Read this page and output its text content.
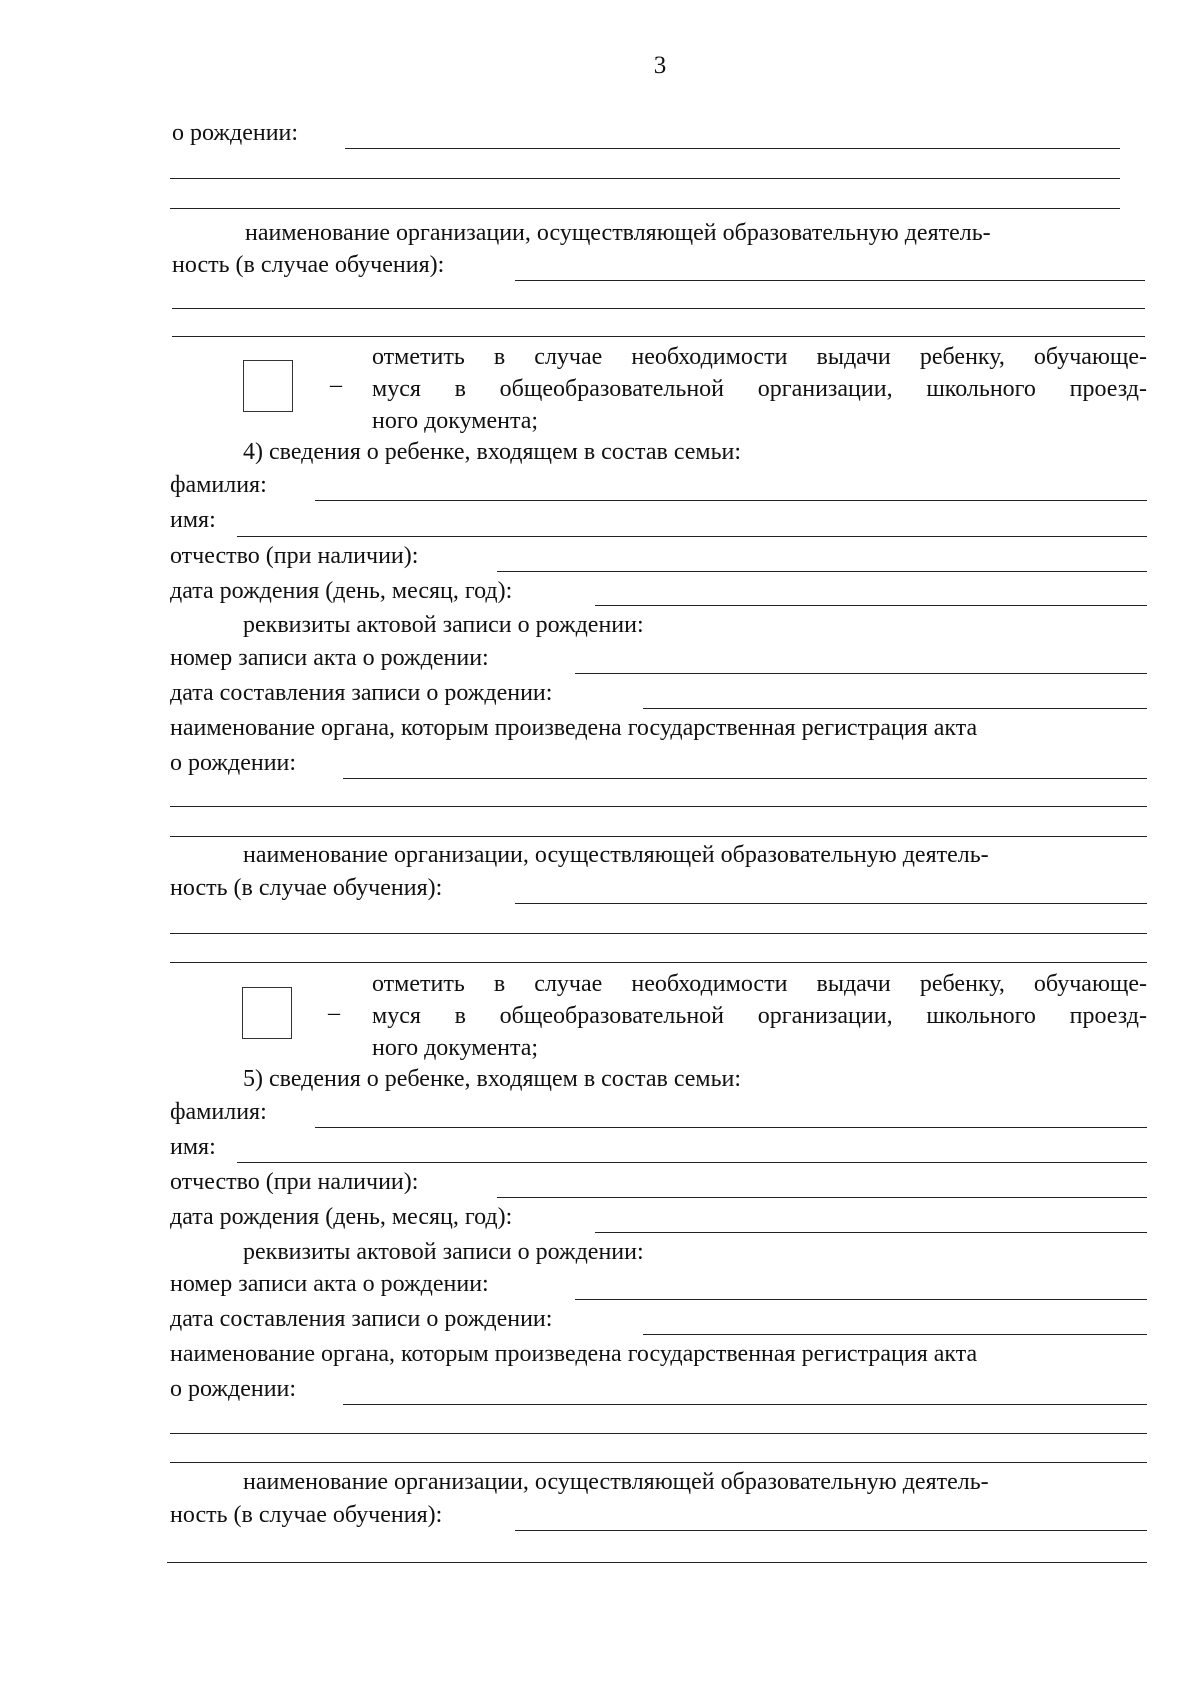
3
о рождении:
наименование организации, осуществляющей образовательную деятель-
ность (в случае обучения):
–
отметить в случае необходимости выдачи ребенку, обучающе-
муся в общеобразовательной организации, школьного проезд-
ного документа;
4) сведения о ребенке, входящем в состав семьи:
фамилия:
имя:
отчество (при наличии):
дата рождения (день, месяц, год):
реквизиты актовой записи о рождении:
номер записи акта о рождении:
дата составления записи о рождении:
наименование органа, которым произведена государственная регистрация акта
о рождении:
наименование организации, осуществляющей образовательную деятель-
ность (в случае обучения):
–
отметить в случае необходимости выдачи ребенку, обучающе-
муся в общеобразовательной организации, школьного проезд-
ного документа;
5) сведения о ребенке, входящем в состав семьи:
фамилия:
имя:
отчество (при наличии):
дата рождения (день, месяц, год):
реквизиты актовой записи о рождении:
номер записи акта о рождении:
дата составления записи о рождении:
наименование органа, которым произведена государственная регистрация акта
о рождении:
наименование организации, осуществляющей образовательную деятель-
ность (в случае обучения):
